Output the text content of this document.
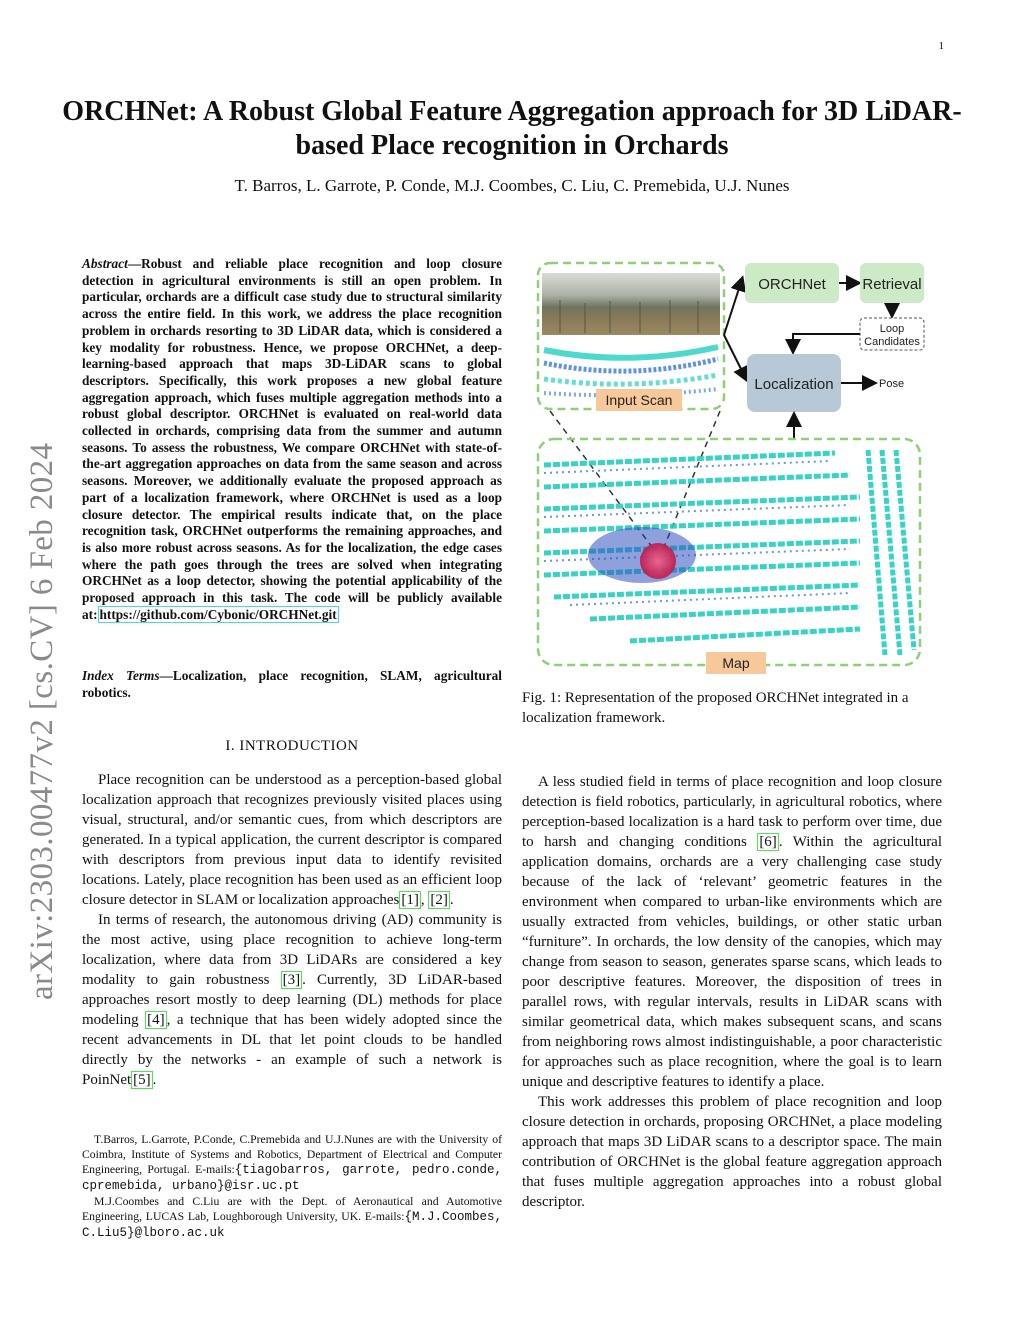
1
arXiv:2303.00477v2 [cs.CV] 6 Feb 2024
ORCHNet: A Robust Global Feature Aggregation approach for 3D LiDAR-based Place recognition in Orchards
T. Barros, L. Garrote, P. Conde, M.J. Coombes, C. Liu, C. Premebida, U.J. Nunes
Abstract—Robust and reliable place recognition and loop closure detection in agricultural environments is still an open problem. In particular, orchards are a difficult case study due to structural similarity across the entire field. In this work, we address the place recognition problem in orchards resorting to 3D LiDAR data, which is considered a key modality for robustness. Hence, we propose ORCHNet, a deep-learning-based approach that maps 3D-LiDAR scans to global descriptors. Specifically, this work proposes a new global feature aggregation approach, which fuses multiple aggregation methods into a robust global descriptor. ORCHNet is evaluated on real-world data collected in orchards, comprising data from the summer and autumn seasons. To assess the robustness, We compare ORCHNet with state-of-the-art aggregation approaches on data from the same season and across seasons. Moreover, we additionally evaluate the proposed approach as part of a localization framework, where ORCHNet is used as a loop closure detector. The empirical results indicate that, on the place recognition task, ORCHNet outperforms the remaining approaches, and is also more robust across seasons. As for the localization, the edge cases where the path goes through the trees are solved when integrating ORCHNet as a loop detector, showing the potential applicability of the proposed approach in this task. The code will be publicly available at: https://github.com/Cybonic/ORCHNet.git
Index Terms—Localization, place recognition, SLAM, agricultural robotics.
I. INTRODUCTION

Place recognition can be understood as a perception-based global localization approach that recognizes previously visited places using visual, structural, and/or semantic cues, from which descriptors are generated. In a typical application, the current descriptor is compared with descriptors from previous input data to identify revisited locations. Lately, place recognition has been used as an efficient loop closure detector in SLAM or localization approaches [1] , [2] .

In terms of research, the autonomous driving (AD) community is the most active, using place recognition to achieve long-term localization, where data from 3D LiDARs are considered a key modality to gain robustness [3] . Currently, 3D LiDAR-based approaches resort mostly to deep learning (DL) methods for place modeling [4] , a technique that has been widely adopted since the recent advancements in DL that let point clouds to be handled directly by the networks - an example of such a network is PoinNet [5] .

T.Barros, L.Garrote, P.Conde, C.Premebida and U.J.Nunes are with the University of Coimbra, Institute of Systems and Robotics, Department of Electrical and Computer Engineering, Portugal. E-mails:{tiagobarros, garrote, pedro.conde, cpremebida, urbano}@isr.uc.pt

M.J.Coombes and C.Liu are with the Dept. of Aeronautical and Automotive Engineering, LUCAS Lab, Loughborough University, UK. E-mails:{M.J.Coombes, C.Liu5}@lboro.ac.uk

Input Scan
ORCHNet Retrieval
Loop
Candidates
Localization	Pose
Map
Fig. 1: Representation of the proposed ORCHNet integrated in a localization framework.

A less studied field in terms of place recognition and loop closure detection is field robotics, particularly, in agricultural robotics, where perception-based localization is a hard task to perform over time, due to harsh and changing conditions [6] . Within the agricultural application domains, orchards are a very challenging case study because of the lack of ‘relevant’ geometric features in the environment when compared to urban-like environments which are usually extracted from vehicles, buildings, or other static urban “furniture”. In orchards, the low density of the canopies, which may change from season to season, generates sparse scans, which leads to poor descriptive features. Moreover, the disposition of trees in parallel rows, with regular intervals, results in LiDAR scans with similar geometrical data, which makes subsequent scans, and scans from neighboring rows almost indistinguishable, a poor characteristic for approaches such as place recognition, where the goal is to learn unique and descriptive features to identify a place.

This work addresses this problem of place recognition and loop closure detection in orchards, proposing ORCHNet, a place modeling approach that maps 3D LiDAR scans to a descriptor space. The main contribution of ORCHNet is the global feature aggregation approach that fuses multiple aggregation approaches into a robust global descriptor.
